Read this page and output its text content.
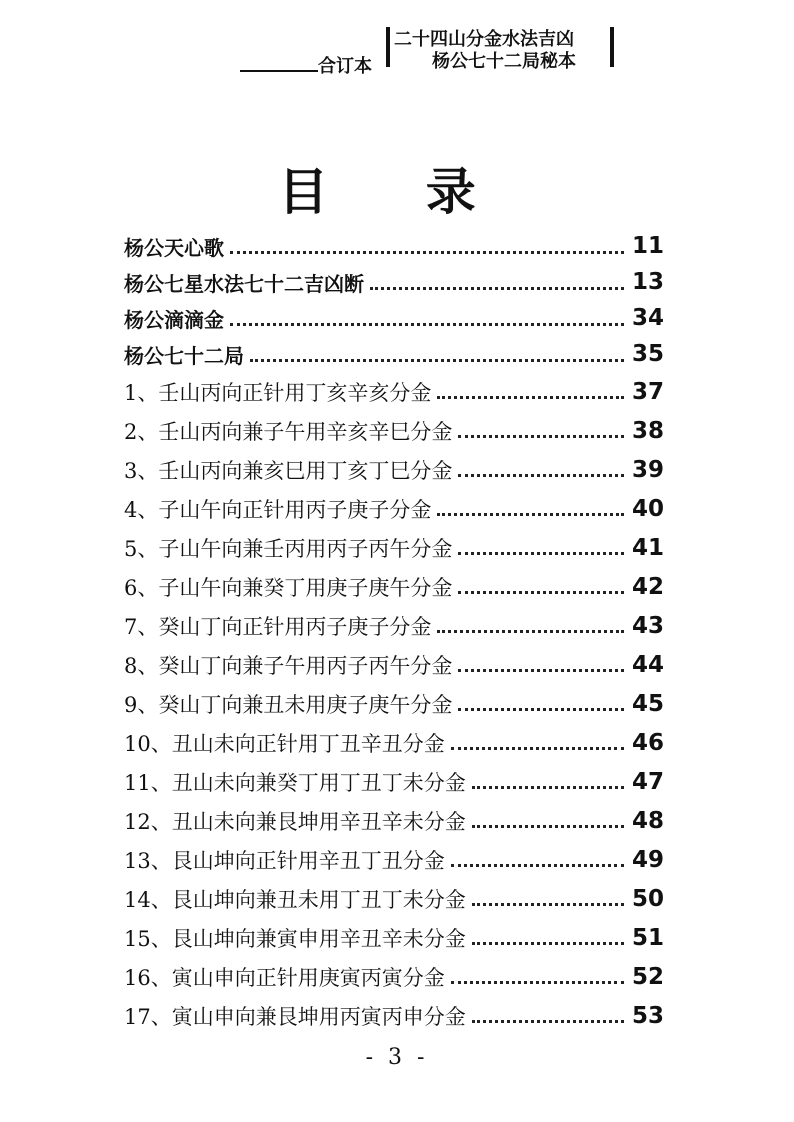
合订本
二十四山分金水法吉凶
杨公七十二局秘本
目 录
杨公天心歌	11
杨公七星水法七十二吉凶断	13
杨公滴滴金	34
杨公七十二局	35
1、壬山丙向正针用丁亥辛亥分金	37
2、壬山丙向兼子午用辛亥辛巳分金	38
3、壬山丙向兼亥巳用丁亥丁巳分金	39
4、子山午向正针用丙子庚子分金	40
5、子山午向兼壬丙用丙子丙午分金	41
6、子山午向兼癸丁用庚子庚午分金	42
7、癸山丁向正针用丙子庚子分金	43
8、癸山丁向兼子午用丙子丙午分金	44
9、癸山丁向兼丑未用庚子庚午分金	45
10、丑山未向正针用丁丑辛丑分金	46
11、丑山未向兼癸丁用丁丑丁未分金	47
12、丑山未向兼艮坤用辛丑辛未分金	48
13、艮山坤向正针用辛丑丁丑分金	49
14、艮山坤向兼丑未用丁丑丁未分金	50
15、艮山坤向兼寅申用辛丑辛未分金	51
16、寅山申向正针用庚寅丙寅分金	52
17、寅山申向兼艮坤用丙寅丙申分金	53
- 3 -
